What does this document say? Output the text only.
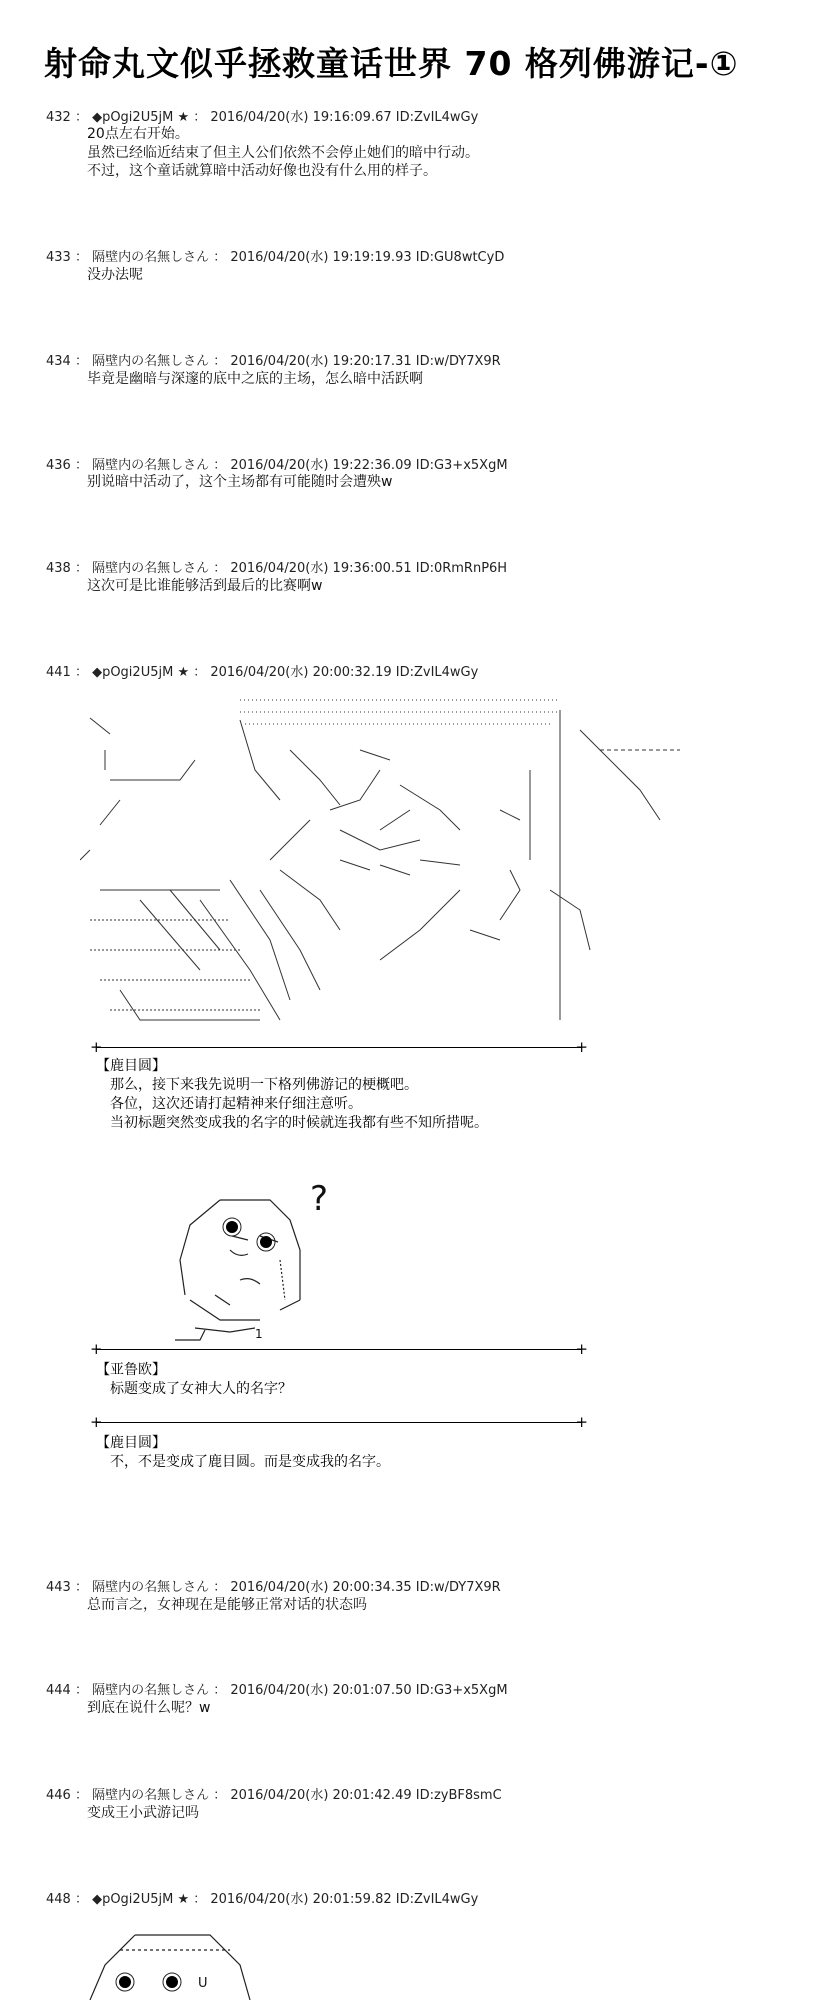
射命丸文似乎拯救童话世界 70 格列佛游记-①
432 ： ◆pOgi2U5jM ★ ： 2016/04/20(水) 19:16:09.67 ID:ZvIL4wGy
20点左右开始。
虽然已经临近结束了但主人公们依然不会停止她们的暗中行动。
不过，这个童话就算暗中活动好像也没有什么用的样子。
433 ： 隔壁内の名無しさん ： 2016/04/20(水) 19:19:19.93 ID:GU8wtCyD
没办法呢
434 ： 隔壁内の名無しさん ： 2016/04/20(水) 19:20:17.31 ID:w/DY7X9R
毕竟是幽暗与深邃的底中之底的主场，怎么暗中活跃啊
436 ： 隔壁内の名無しさん ： 2016/04/20(水) 19:22:36.09 ID:G3+x5XgM
别说暗中活动了，这个主场都有可能随时会遭殃w
438 ： 隔壁内の名無しさん ： 2016/04/20(水) 19:36:00.51 ID:0RmRnP6H
这次可是比谁能够活到最后的比赛啊w
441 ： ◆pOgi2U5jM ★ ： 2016/04/20(水) 20:00:32.19 ID:ZvIL4wGy
+ +
【鹿目圆】
那么，接下来我先说明一下格列佛游记的梗概吧。
各位，这次还请打起精神来仔细注意听。
当初标题突然变成我的名字的时候就连我都有些不知所措呢。
?
1
+ +
【亚鲁欧】
标题变成了女神大人的名字？
+ +
【鹿目圆】
不，不是变成了鹿目圆。而是变成我的名字。
443 ： 隔壁内の名無しさん ： 2016/04/20(水) 20:00:34.35 ID:w/DY7X9R
总而言之，女神现在是能够正常对话的状态吗
444 ： 隔壁内の名無しさん ： 2016/04/20(水) 20:01:07.50 ID:G3+x5XgM
到底在说什么呢？w
446 ： 隔壁内の名無しさん ： 2016/04/20(水) 20:01:42.49 ID:zyBF8smC
变成王小武游记吗
448 ： ◆pOgi2U5jM ★ ： 2016/04/20(水) 20:01:59.82 ID:ZvIL4wGy
U
